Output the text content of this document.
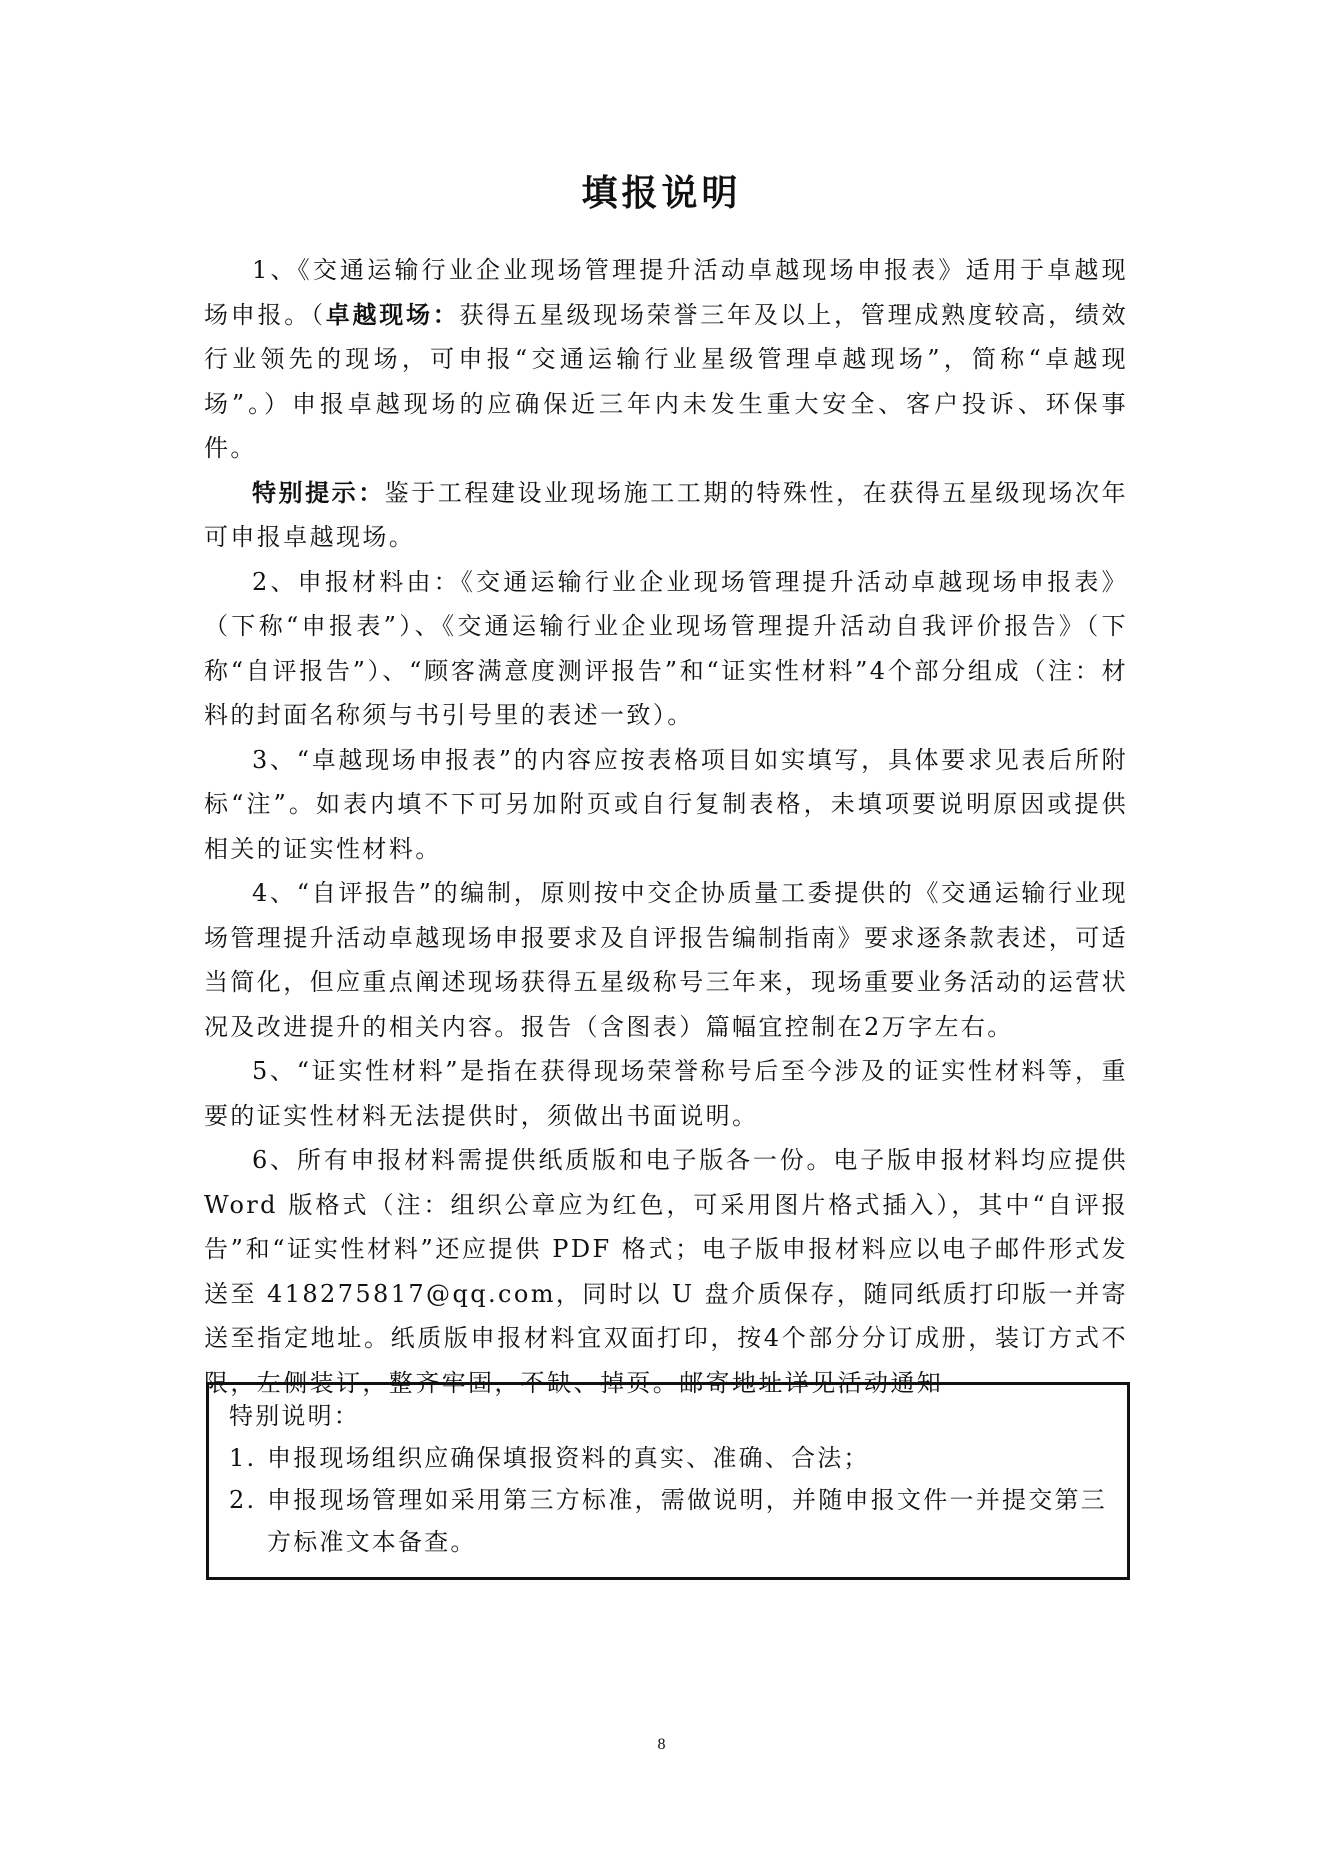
填报说明

1、《交通运输行业企业现场管理提升活动卓越现场申报表》适用于卓越现场申报。（卓越现场：获得五星级现场荣誉三年及以上，管理成熟度较高，绩效行业领先的现场，可申报“交通运输行业星级管理卓越现场”，简称“卓越现场”。）申报卓越现场的应确保近三年内未发生重大安全、客户投诉、环保事件。

特别提示：鉴于工程建设业现场施工工期的特殊性，在获得五星级现场次年可申报卓越现场。

2、申报材料由：《交通运输行业企业现场管理提升活动卓越现场申报表》（下称“申报表”）、《交通运输行业企业现场管理提升活动自我评价报告》（下称“自评报告”）、“顾客满意度测评报告”和“证实性材料”4个部分组成（注：材料的封面名称须与书引号里的表述一致）。

3、“卓越现场申报表”的内容应按表格项目如实填写，具体要求见表后所附标“注”。如表内填不下可另加附页或自行复制表格，未填项要说明原因或提供相关的证实性材料。

4、“自评报告”的编制，原则按中交企协质量工委提供的《交通运输行业现场管理提升活动卓越现场申报要求及自评报告编制指南》要求逐条款表述，可适当简化，但应重点阐述现场获得五星级称号三年来，现场重要业务活动的运营状况及改进提升的相关内容。报告（含图表）篇幅宜控制在2万字左右。

5、“证实性材料”是指在获得现场荣誉称号后至今涉及的证实性材料等，重要的证实性材料无法提供时，须做出书面说明。

6、所有申报材料需提供纸质版和电子版各一份。电子版申报材料均应提供Word 版格式（注：组织公章应为红色，可采用图片格式插入），其中“自评报告”和“证实性材料”还应提供 PDF 格式；电子版申报材料应以电子邮件形式发送至 418275817@qq.com，同时以 U 盘介质保存，随同纸质打印版一并寄送至指定地址。纸质版申报材料宜双面打印，按4个部分分订成册，装订方式不限，左侧装订，整齐牢固，不缺、掉页。邮寄地址详见活动通知

特别说明：
1. 申报现场组织应确保填报资料的真实、准确、合法；
2. 申报现场管理如采用第三方标准，需做说明，并随申报文件一并提交第三方标准文本备查。
8
